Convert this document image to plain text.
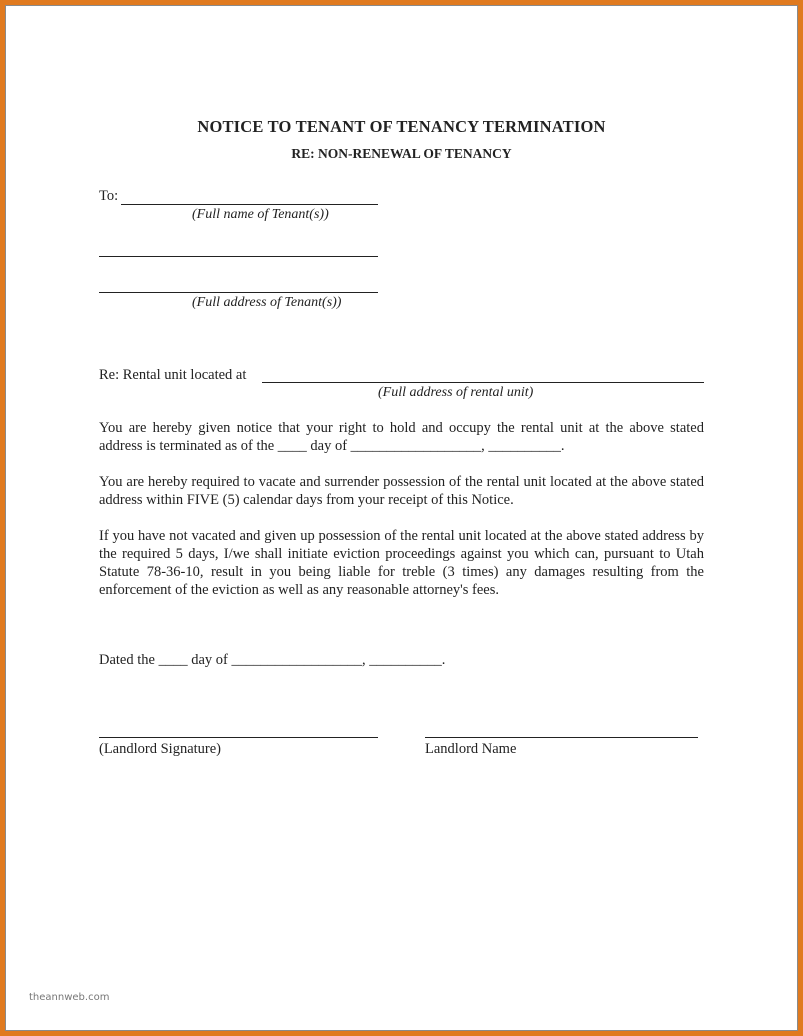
NOTICE TO TENANT OF TENANCY TERMINATION
RE: NON-RENEWAL OF TENANCY
To:
(Full name of Tenant(s))
(Full address of Tenant(s))
Re: Rental unit located at
(Full address of rental unit)
You are hereby given notice that your right to hold and occupy the rental unit at the above stated address is terminated as of the ____ day of __________________, __________.
You are hereby required to vacate and surrender possession of the rental unit located at the above stated address within FIVE (5) calendar days from your receipt of this Notice.
If you have not vacated and given up possession of the rental unit located at the above stated address by the required 5 days, I/we shall initiate eviction proceedings against you which can, pursuant to Utah Statute 78-36-10, result in you being liable for treble (3 times) any damages resulting from the enforcement of the eviction as well as any reasonable attorney's fees.
Dated the ____ day of __________________, __________.
(Landlord Signature)	Landlord Name
theannweb.com
